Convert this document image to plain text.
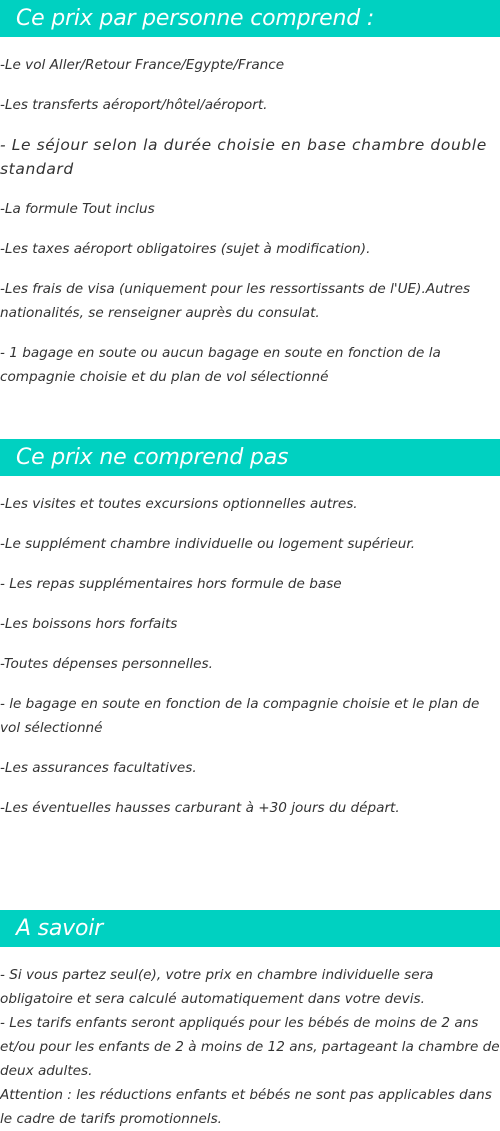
Ce prix par personne comprend :

-Le vol Aller/Retour France/Egypte/France

-Les transferts aéroport/hôtel/aéroport.

- Le séjour selon la durée choisie en base chambre double standard

-La formule Tout inclus

-Les taxes aéroport obligatoires (sujet à modification).

-Les frais de visa (uniquement pour les ressortissants de l'UE).Autres nationalités, se renseigner auprès du consulat.

- 1 bagage en soute ou aucun bagage en soute en fonction de la compagnie choisie et du plan de vol sélectionné

Ce prix ne comprend pas

-Les visites et toutes excursions optionnelles autres.

-Le supplément chambre individuelle ou logement supérieur.

- Les repas supplémentaires hors formule de base

-Les boissons hors forfaits

-Toutes dépenses personnelles.

- le bagage en soute en fonction de la compagnie choisie et le plan de vol sélectionné

-Les assurances facultatives.

-Les éventuelles hausses carburant à +30 jours du départ.

A savoir

- Si vous partez seul(e), votre prix en chambre individuelle sera obligatoire et sera calculé automatiquement dans votre devis.

- Les tarifs enfants seront appliqués pour les bébés de moins de 2 ans et/ou pour les enfants de 2 à moins de 12 ans, partageant la chambre de deux adultes.

Attention : les réductions enfants et bébés ne sont pas applicables dans le cadre de tarifs promotionnels.
